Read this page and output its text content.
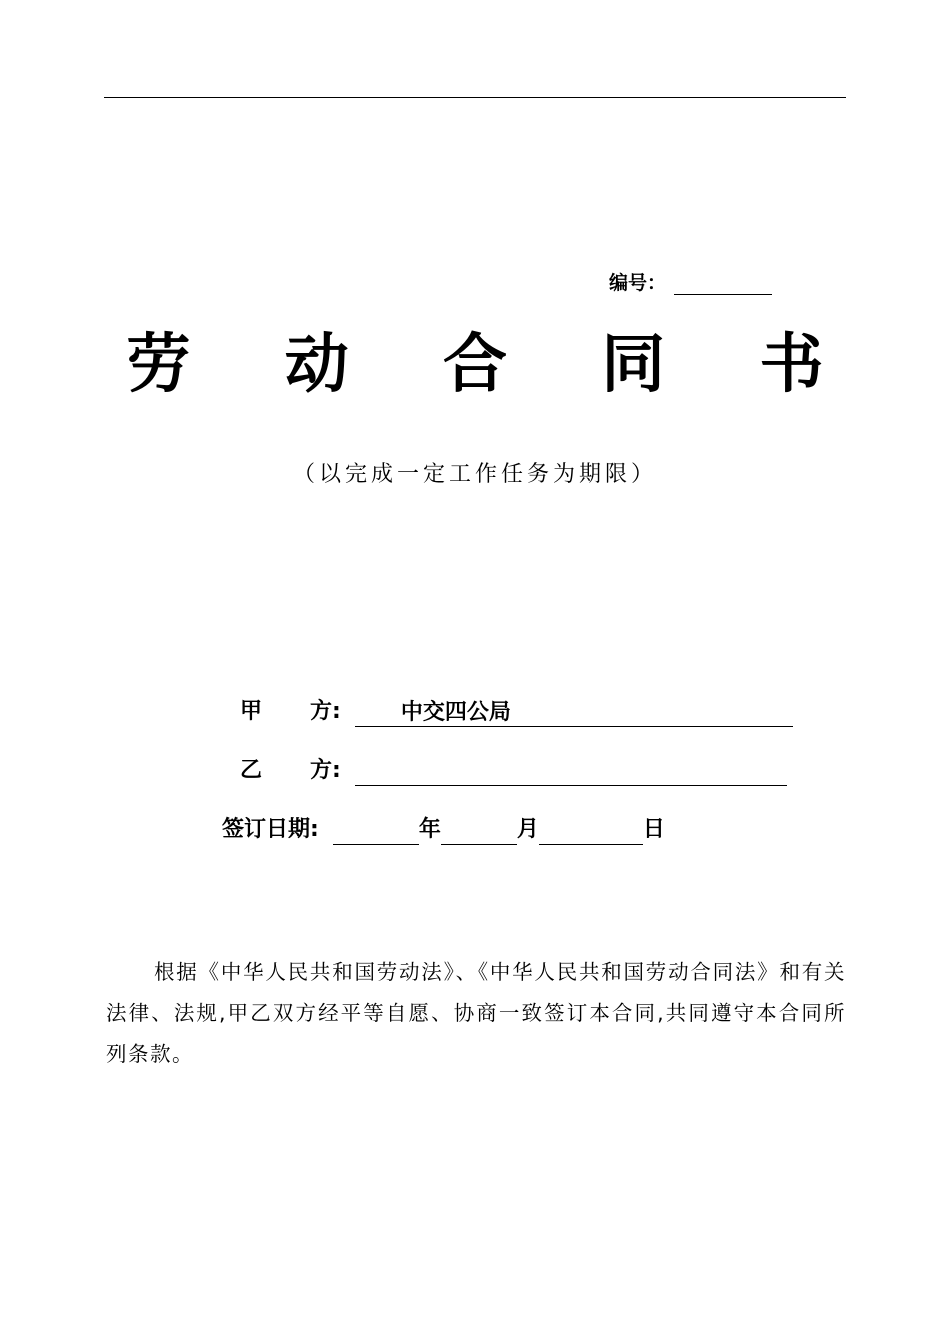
编号：
劳 动 合 同 书
（以完成一定工作任务为期限）
甲 方:	中交四公局
乙 方:
签订日期:	年	月	日
根据《中华人民共和国劳动法》、《中华人民共和国劳动合同法》和有关法律、法规,甲乙双方经平等自愿、协商一致签订本合同,共同遵守本合同所列条款。
